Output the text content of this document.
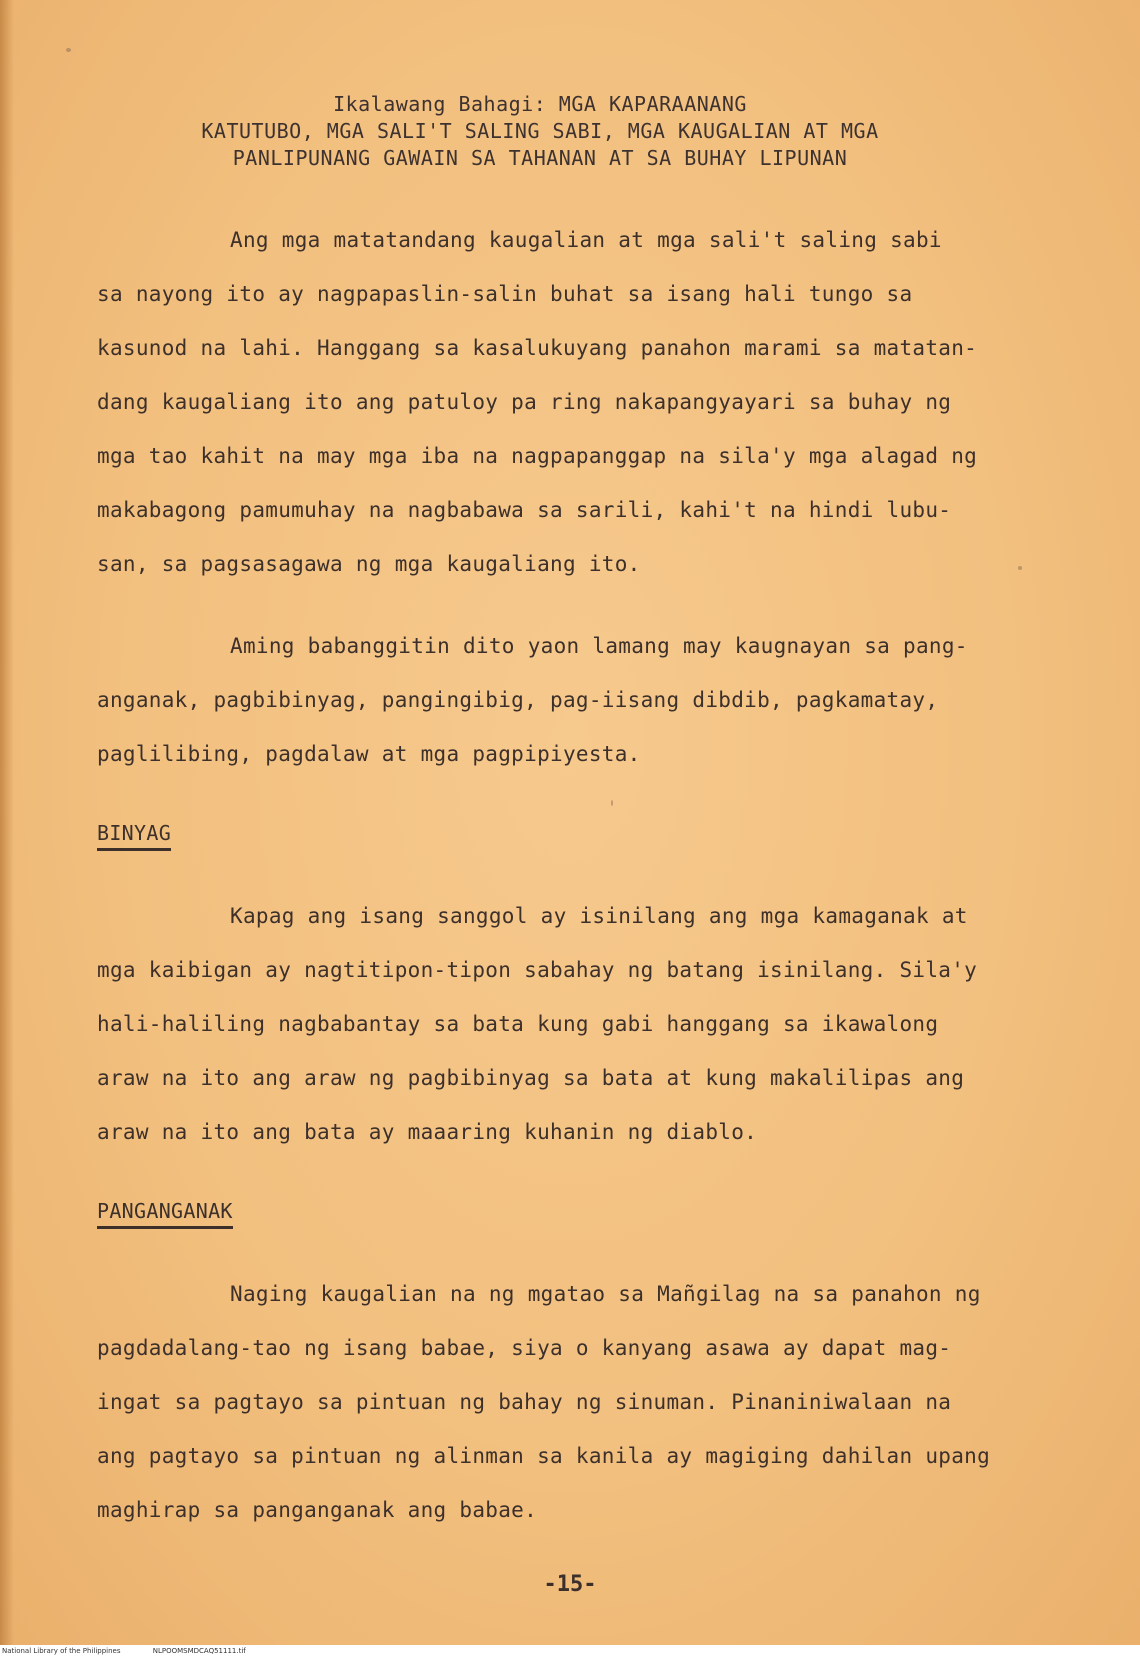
Ikalawang Bahagi: MGA KAPARAANANG
KATUTUBO, MGA SALI'T SALING SABI, MGA KAUGALIAN AT MGA
PANLIPUNANG GAWAIN SA TAHANAN AT SA BUHAY LIPUNAN
Ang mga matatandang kaugalian at mga sali't saling sabi
sa nayong ito ay nagpapaslin-salin buhat sa isang hali tungo sa
kasunod na lahi. Hanggang sa kasalukuyang panahon marami sa matatan-
dang kaugaliang ito ang patuloy pa ring nakapangyayari sa buhay ng
mga tao kahit na may mga iba na nagpapanggap na sila'y mga alagad ng
makabagong pamumuhay na nagbabawa sa sarili, kahi't na hindi lubu-
san, sa pagsasagawa ng mga kaugaliang ito.
Aming babanggitin dito yaon lamang may kaugnayan sa pang-
anganak, pagbibinyag, pangingibig, pag-iisang dibdib, pagkamatay,
paglilibing, pagdalaw at mga pagpipiyesta.
BINYAG
Kapag ang isang sanggol ay isinilang ang mga kamaganak at
mga kaibigan ay nagtitipon-tipon sabahay ng batang isinilang. Sila'y
hali-haliling nagbabantay sa bata kung gabi hanggang sa ikawalong
araw na ito ang araw ng pagbibinyag sa bata at kung makalilipas ang
araw na ito ang bata ay maaaring kuhanin ng diablo.
PANGANGANAK
Naging kaugalian na ng mgatao sa Mañgilag na sa panahon ng
pagdadalang-tao ng isang babae, siya o kanyang asawa ay dapat mag-
ingat sa pagtayo sa pintuan ng bahay ng sinuman. Pinaniniwalaan na
ang pagtayo sa pintuan ng alinman sa kanila ay magiging dahilan upang
maghirap sa panganganak ang babae.
-15-
National Library of the Philippines	NLPOOMSMDCAQ51111.tif
